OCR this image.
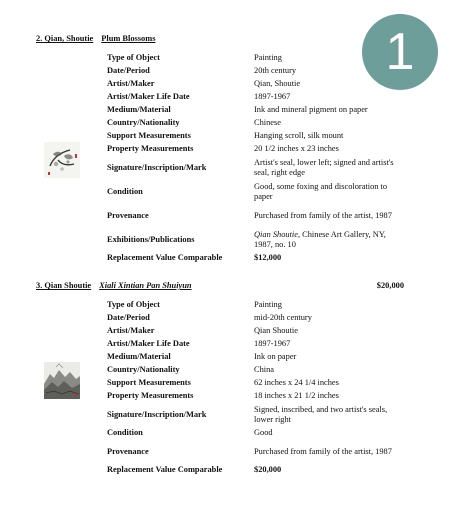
1
2. Qian, Shoutie Plum Blossoms
Type of Object	Painting
Date/Period	20th century
Artist/Maker	Qian, Shoutie
Artist/Maker Life Date	1897-1967
Medium/Material	Ink and mineral pigment on paper
Country/Nationality	Chinese
Support Measurements	Hanging scroll, silk mount
Property Measurements	20 1/2 inches x 23 inches
Signature/Inscription/Mark	Artist's seal, lower left; signed and artist's seal, right edge
Condition	Good, some foxing and discoloration to paper
Provenance	Purchased from family of the artist, 1987
Exhibitions/Publications	Qian Shoutie, Chinese Art Gallery, NY, 1987, no. 10
Replacement Value Comparable	$12,000
3. Qian Shoutie Xiali Xintian Pan Shuiyun	$20,000
Type of Object	Painting
Date/Period	mid-20th century
Artist/Maker	Qian Shoutie
Artist/Maker Life Date	1897-1967
Medium/Material	Ink on paper
Country/Nationality	China
Support Measurements	62 inches x 24 1/4 inches
Property Measurements	18 inches x 21 1/2 inches
Signature/Inscription/Mark	Signed, inscribed, and two artist's seals, lower right
Condition	Good
Provenance	Purchased from family of the artist, 1987
Replacement Value Comparable	$20,000
